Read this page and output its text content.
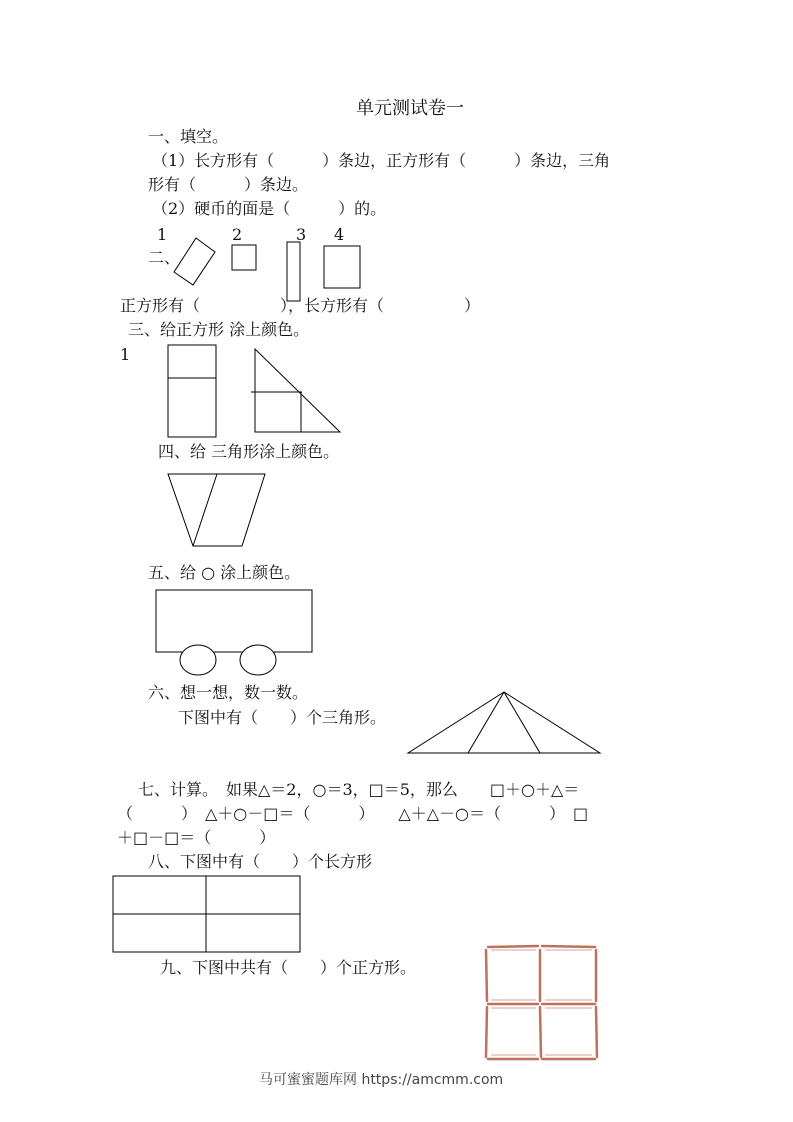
单元测试卷一
一、填空。
（1）长方形有（　　　）条边，正方形有（　　　）条边，三角
形有（　　　）条边。
（2）硬币的面是（　　　）的。
1	2	3 4
二、
正方形有（　　　　　），长方形有（　　　　　）
三、给正方形 涂上颜色。
1
四、给 三角形涂上颜色。
五、给 ○ 涂上颜色。
六、想一想，数一数。
下图中有（　　）个三角形。
七、计算。　如果△＝2，○＝3，□＝5，那么　　□＋○＋△＝
（　　　）　△＋○－□＝（　　　）　　△＋△－○＝（　　　）　□
＋□－□＝（　　　）
八、下图中有（　　）个长方形
九、下图中共有（　　）个正方形。
马可蜜蜜题库网 https://amcmm.com
